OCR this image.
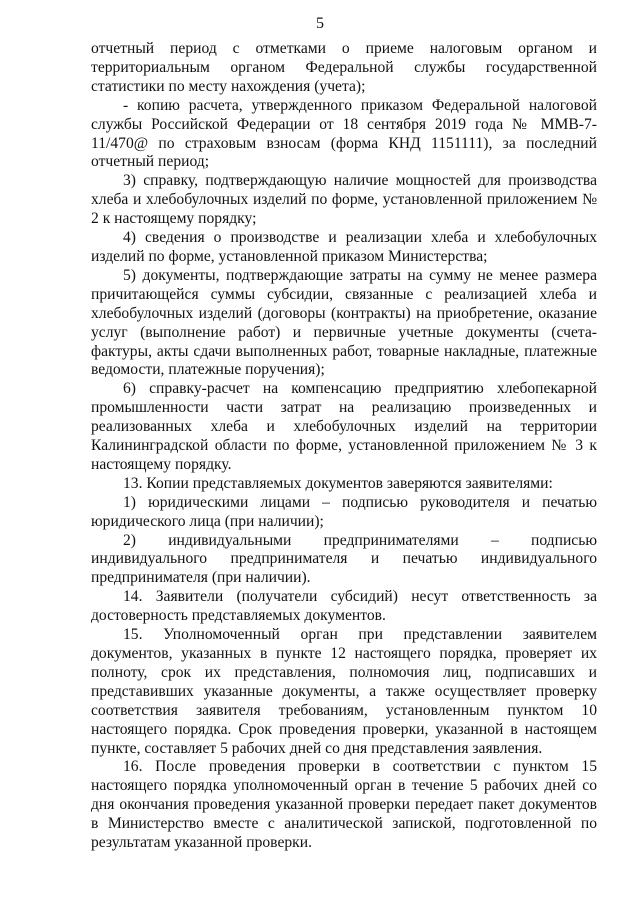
5

отчетный период с отметками о приеме налоговым органом и территориальным органом Федеральной службы государственной статистики по месту нахождения (учета);

- копию расчета, утвержденного приказом Федеральной налоговой службы Российской Федерации от 18 сентября 2019 года № ММВ-7-11/470@ по страховым взносам (форма КНД 1151111), за последний отчетный период;

3) справку, подтверждающую наличие мощностей для производства хлеба и хлебобулочных изделий по форме, установленной приложением № 2 к настоящему порядку;

4) сведения о производстве и реализации хлеба и хлебобулочных изделий по форме, установленной приказом Министерства;

5) документы, подтверждающие затраты на сумму не менее размера причитающейся суммы субсидии, связанные с реализацией хлеба и хлебобулочных изделий (договоры (контракты) на приобретение, оказание услуг (выполнение работ) и первичные учетные документы (счета-фактуры, акты сдачи выполненных работ, товарные накладные, платежные ведомости, платежные поручения);

6) справку-расчет на компенсацию предприятию хлебопекарной промышленности части затрат на реализацию произведенных и реализованных хлеба и хлебобулочных изделий на территории Калининградской области по форме, установленной приложением № 3 к настоящему порядку.

13. Копии представляемых документов заверяются заявителями:

1) юридическими лицами – подписью руководителя и печатью юридического лица (при наличии);

2) индивидуальными предпринимателями – подписью индивидуального предпринимателя и печатью индивидуального предпринимателя (при наличии).

14. Заявители (получатели субсидий) несут ответственность за достоверность представляемых документов.

15. Уполномоченный орган при представлении заявителем документов, указанных в пункте 12 настоящего порядка, проверяет их полноту, срок их представления, полномочия лиц, подписавших и представивших указанные документы, а также осуществляет проверку соответствия заявителя требованиям, установленным пунктом 10 настоящего порядка. Срок проведения проверки, указанной в настоящем пункте, составляет 5 рабочих дней со дня представления заявления.

16. После проведения проверки в соответствии с пунктом 15 настоящего порядка уполномоченный орган в течение 5 рабочих дней со дня окончания проведения указанной проверки передает пакет документов в Министерство вместе с аналитической запиской, подготовленной по результатам указанной проверки.
